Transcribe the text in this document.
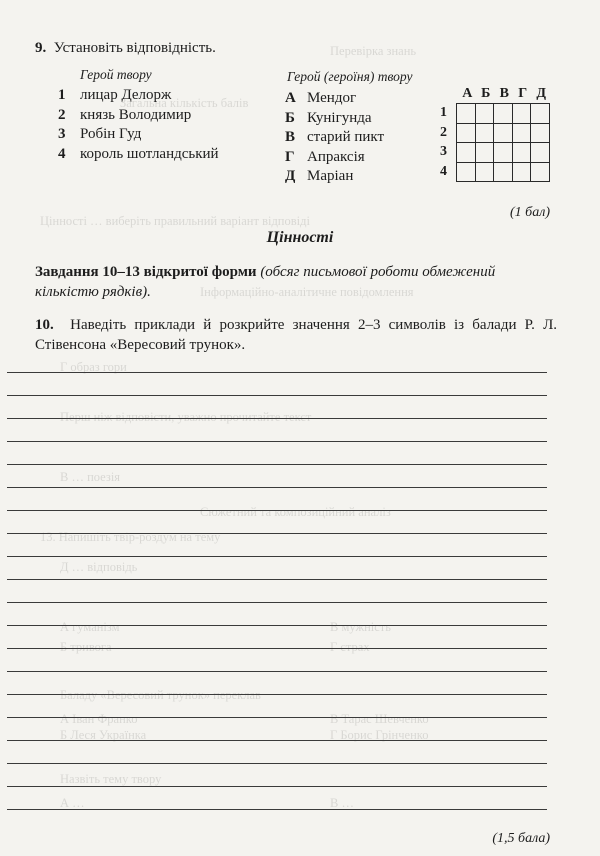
Перевірка знань
Загальна кількість балів
Цінності … виберіть правильний варіант відповіді
Інформаційно-аналітичне повідомлення
Г образ гори
Перш ніж відповісти, уважно прочитайте текст
В … поезія
Сюжетний та композиційний аналіз
13. Напишіть твір-роздум на тему
Д … відповідь
А гуманізм	В мужність
Б тривога	Г страх
Баладу «Вересовий трунок» переклав
А Іван Франко	В Тарас Шевченко
Б Леся Українка	Г Борис Грінченко
Назвіть тему твору
А …	В …
9. Установіть відповідність.
Герой твору	Герой (героїня) твору
1 лицар Делорж
2 князь Володимир
3 Робін Гуд
4 король шотландський
А Мендог
Б Кунігунда
В старий пикт
Г Апраксія
Д Маріан
А Б В Г Д
1
2
3
4

(1 бал)
Цінності
Завдання 10–13 відкритої форми (обсяг письмової роботи обмежений кількістю рядків).
10. Наведіть приклади й розкрийте значення 2–3 символів із балади Р. Л. Стівенсона «Вересовий трунок».
(1,5 бала)
